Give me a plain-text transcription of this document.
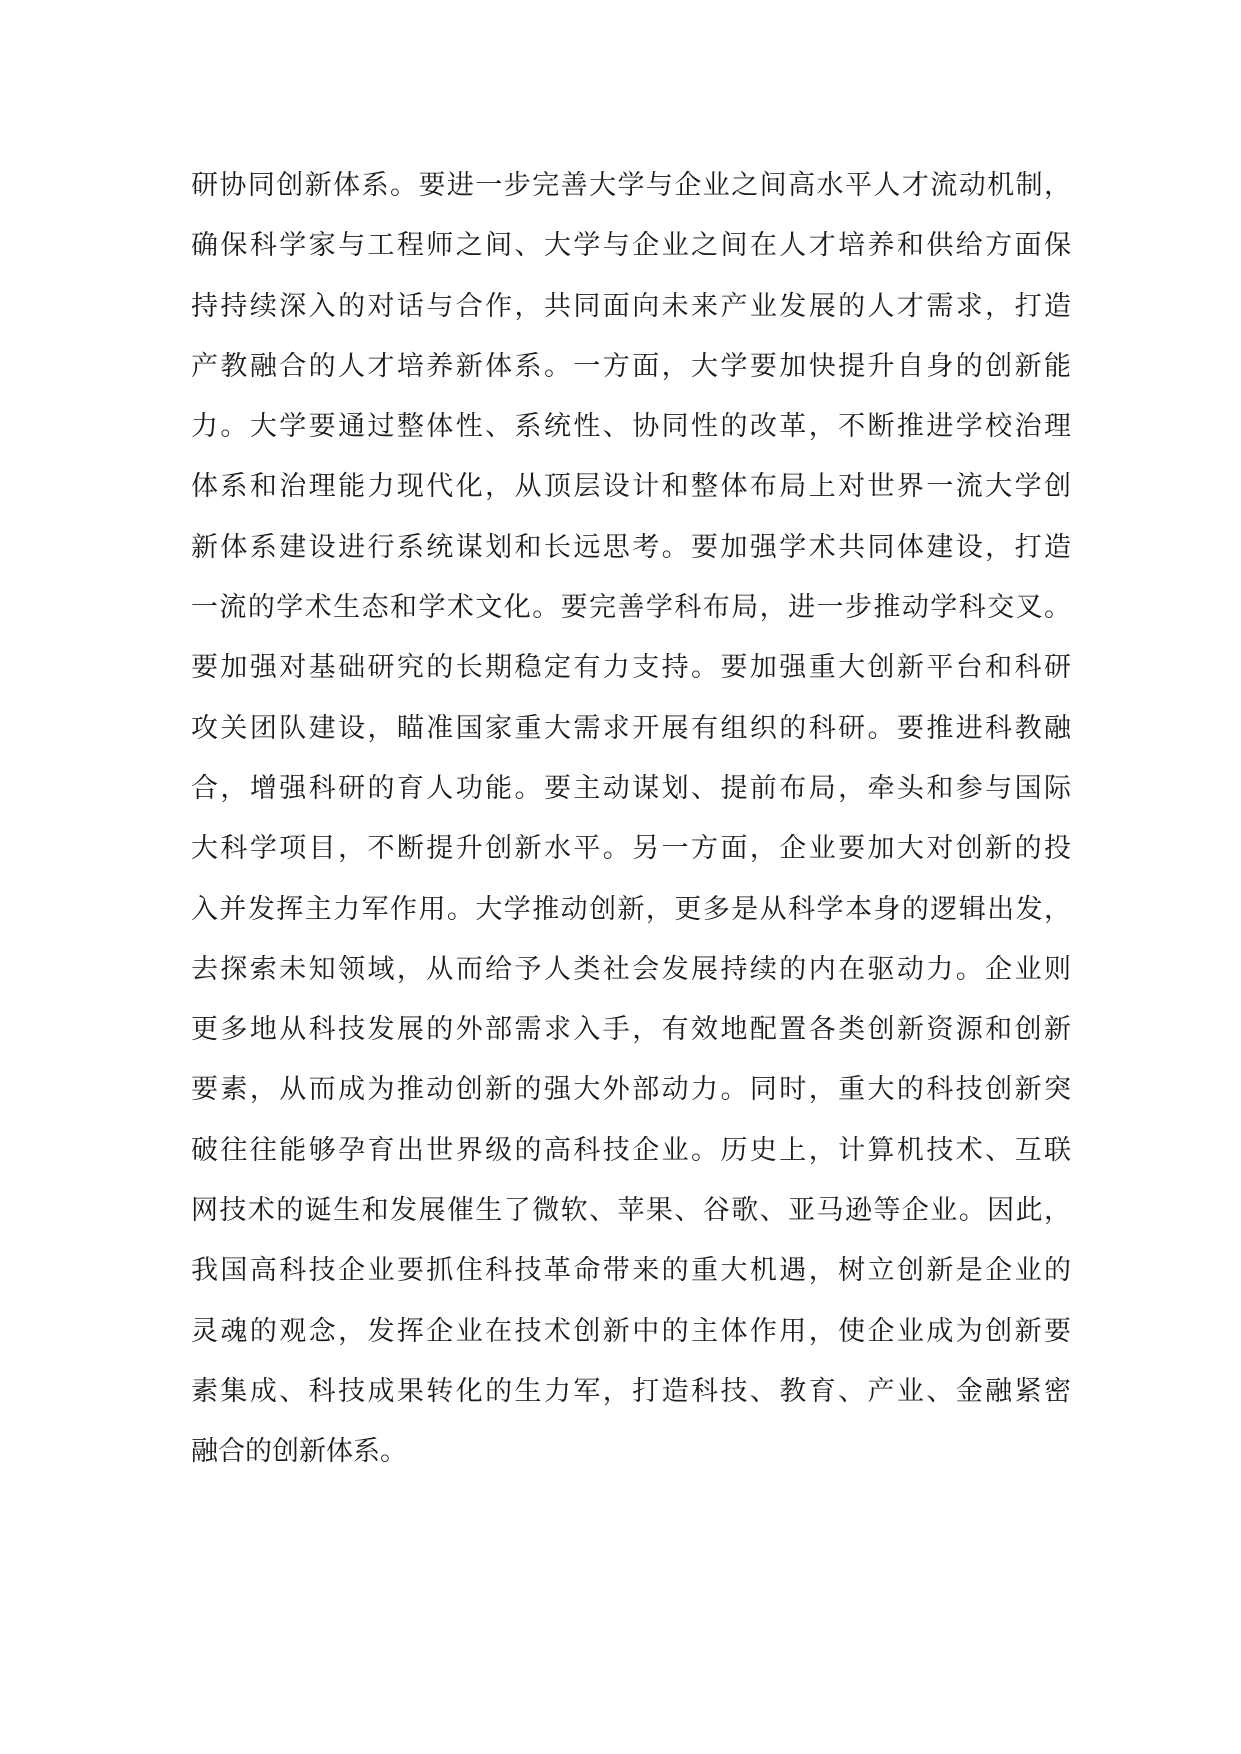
研协同创新体系。要进一步完善大学与企业之间高水平人才流动机制，
确保科学家与工程师之间、大学与企业之间在人才培养和供给方面保
持持续深入的对话与合作，共同面向未来产业发展的人才需求，打造
产教融合的人才培养新体系。一方面，大学要加快提升自身的创新能
力。大学要通过整体性、系统性、协同性的改革，不断推进学校治理
体系和治理能力现代化，从顶层设计和整体布局上对世界一流大学创
新体系建设进行系统谋划和长远思考。要加强学术共同体建设，打造
一流的学术生态和学术文化。要完善学科布局，进一步推动学科交叉。
要加强对基础研究的长期稳定有力支持。要加强重大创新平台和科研
攻关团队建设，瞄准国家重大需求开展有组织的科研。要推进科教融
合，增强科研的育人功能。要主动谋划、提前布局，牵头和参与国际
大科学项目，不断提升创新水平。另一方面，企业要加大对创新的投
入并发挥主力军作用。大学推动创新，更多是从科学本身的逻辑出发，
去探索未知领域，从而给予人类社会发展持续的内在驱动力。企业则
更多地从科技发展的外部需求入手，有效地配置各类创新资源和创新
要素，从而成为推动创新的强大外部动力。同时，重大的科技创新突
破往往能够孕育出世界级的高科技企业。历史上，计算机技术、互联
网技术的诞生和发展催生了微软、苹果、谷歌、亚马逊等企业。因此，
我国高科技企业要抓住科技革命带来的重大机遇，树立创新是企业的
灵魂的观念，发挥企业在技术创新中的主体作用，使企业成为创新要
素集成、科技成果转化的生力军，打造科技、教育、产业、金融紧密
融合的创新体系。
